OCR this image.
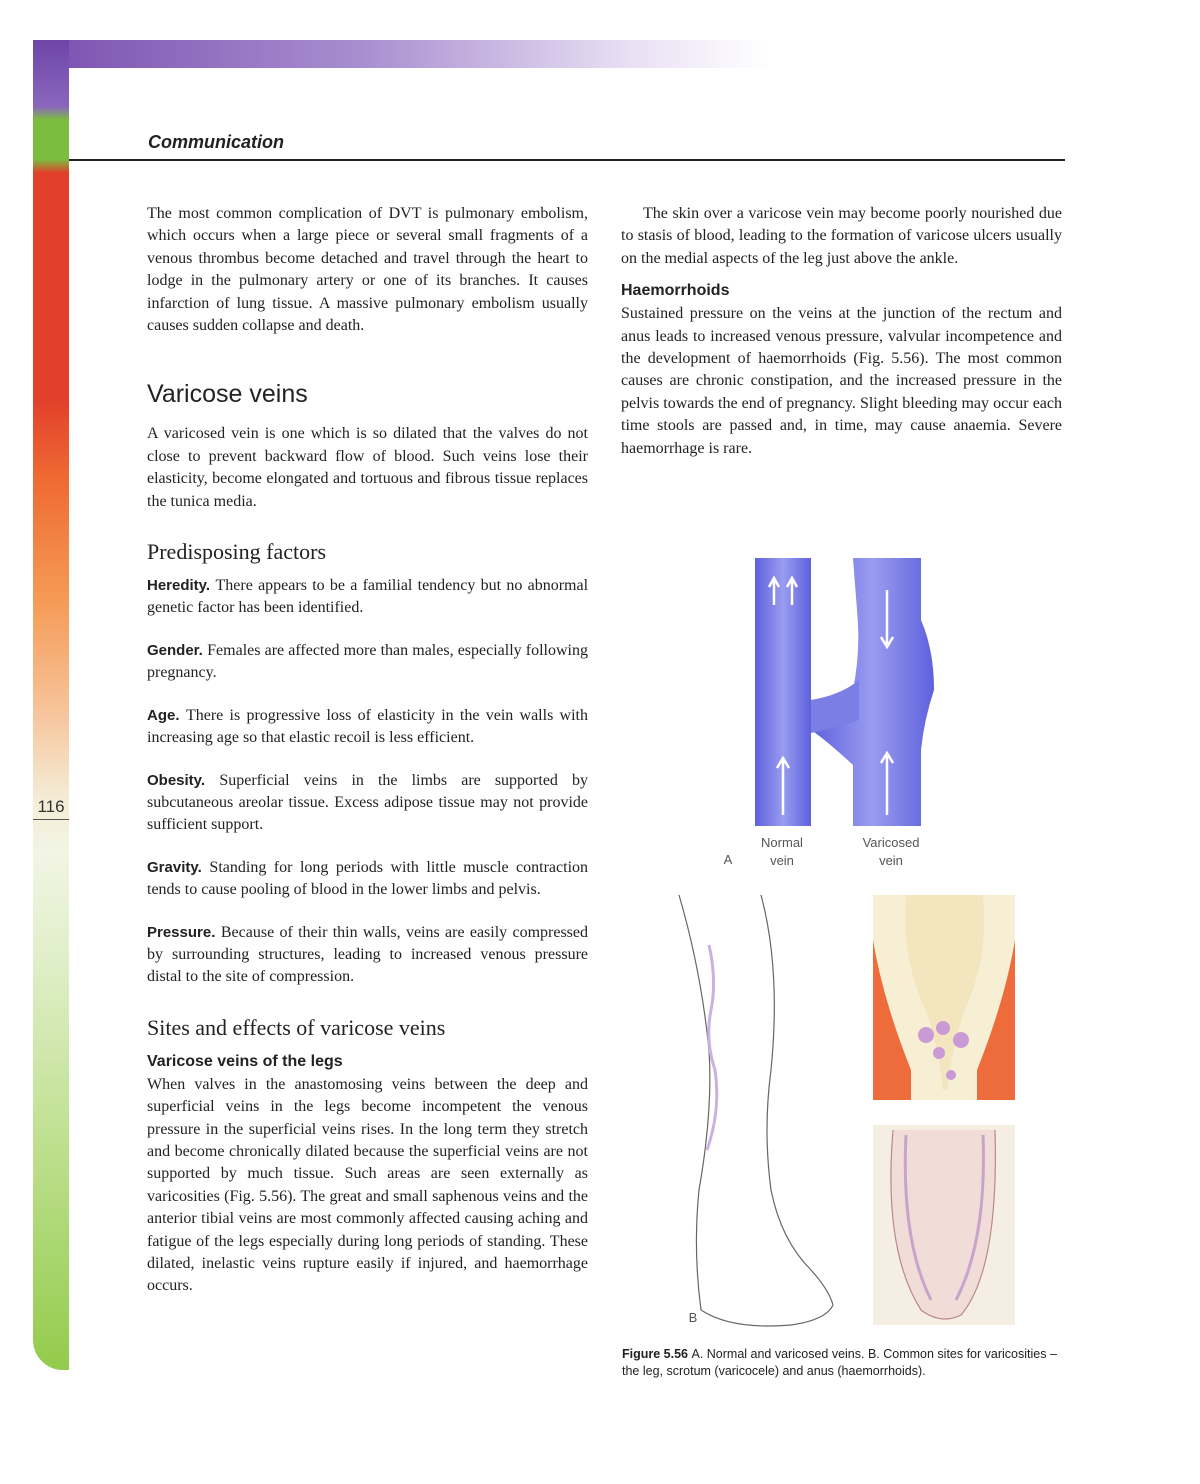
116
Communication

The most common complication of DVT is pulmonary embolism, which occurs when a large piece or several small fragments of a venous thrombus become detached and travel through the heart to lodge in the pulmonary artery or one of its branches. It causes infarction of lung tissue. A massive pulmonary embolism usually causes sudden collapse and death.

Varicose veins

A varicosed vein is one which is so dilated that the valves do not close to prevent backward flow of blood. Such veins lose their elasticity, become elongated and tortuous and fibrous tissue replaces the tunica media.

Predisposing factors

Heredity. There appears to be a familial tendency but no abnormal genetic factor has been identified.

Gender. Females are affected more than males, especially following pregnancy.

Age. There is progressive loss of elasticity in the vein walls with increasing age so that elastic recoil is less efficient.

Obesity. Superficial veins in the limbs are supported by subcutaneous areolar tissue. Excess adipose tissue may not provide sufficient support.

Gravity. Standing for long periods with little muscle contraction tends to cause pooling of blood in the lower limbs and pelvis.

Pressure. Because of their thin walls, veins are easily compressed by surrounding structures, leading to increased venous pressure distal to the site of compression.

Sites and effects of varicose veins
Varicose veins of the legs

When valves in the anastomosing veins between the deep and superficial veins in the legs become incompetent the venous pressure in the superficial veins rises. In the long term they stretch and become chronically dilated because the superficial veins are not supported by much tissue. Such areas are seen externally as varicosities (Fig. 5.56). The great and small saphenous veins and the anterior tibial veins are most commonly affected causing aching and fatigue of the legs especially during long periods of standing. These dilated, inelastic veins rupture easily if injured, and haemorrhage occurs.

The skin over a varicose vein may become poorly nourished due to stasis of blood, leading to the formation of varicose ulcers usually on the medial aspects of the leg just above the ankle.

Haemorrhoids

Sustained pressure on the veins at the junction of the rectum and anus leads to increased venous pressure, valvular incompetence and the development of haemorrhoids (Fig. 5.56). The most common causes are chronic constipation, and the increased pressure in the pelvis towards the end of pregnancy. Slight bleeding may occur each time stools are passed and, in time, may cause anaemia. Severe haemorrhage is rare.

Normal
vein
Varicosed
vein
A
B
Figure 5.56 A. Normal and varicosed veins. B. Common sites for varicosities – the leg, scrotum (varicocele) and anus (haemorrhoids).
